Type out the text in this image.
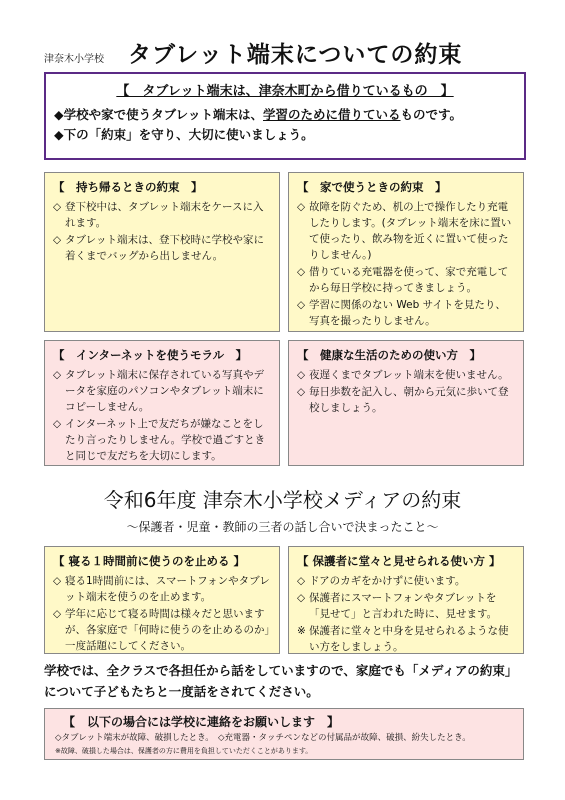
津奈木小学校 タブレット端末についての約束
【　タブレット端末は、津奈木町から借りているもの　】

◆学校や家で使うタブレット端末は、学習のために借りているものです。

◆下の「約束」を守り、大切に使いましょう。

【　持ち帰るときの約束　】
◇ 登下校中は、タブレット端末をケースに入れます。
◇ タブレット端末は、登下校時に学校や家に着くまでバッグから出しません。
【　家で使うときの約束　】
◇ 故障を防ぐため、机の上で操作したり充電したりします。(タブレット端末を床に置いて使ったり、飲み物を近くに置いて使ったりしません。)
◇ 借りている充電器を使って、家で充電してから毎日学校に持ってきましょう。
◇ 学習に関係のない Web サイトを見たり、写真を撮ったりしません。
【　インターネットを使うモラル　】
◇ タブレット端末に保存されている写真やデータを家庭のパソコンやタブレット端末にコピーしません。
◇ インターネット上で友だちが嫌なことをしたり言ったりしません。学校で過ごすときと同じで友だちを大切にします。
【　健康な生活のための使い方　】
◇ 夜遅くまでタブレット端末を使いません。
◇ 毎日歩数を記入し、朝から元気に歩いて登校しましょう。
令和6年度 津奈木小学校メディアの約束
～保護者・児童・教師の三者の話し合いで決まったこと～
【 寝る１時間前に使うのを止める 】
◇ 寝る1時間前には、スマートフォンやタブレット端末を使うのを止めます。
◇ 学年に応じて寝る時間は様々だと思いますが、各家庭で「何時に使うのを止めるのか」一度話題にしてください。
【 保護者に堂々と見せられる使い方 】
◇ ドアのカギをかけずに使います。
◇ 保護者にスマートフォンやタブレットを「見せて」と言われた時に、見せます。
※ 保護者に堂々と中身を見せられるような使い方をしましょう。
学校では、全クラスで各担任から話をしていますので、家庭でも「メディアの約束」について子どもたちと一度話をされてください。
【　以下の場合には学校に連絡をお願いします　】
◇タブレット端末が故障、破損したとき。　◇充電器・タッチペンなどの付属品が故障、破損、紛失したとき。
※故障、破損した場合は、保護者の方に費用を負担していただくことがあります。
